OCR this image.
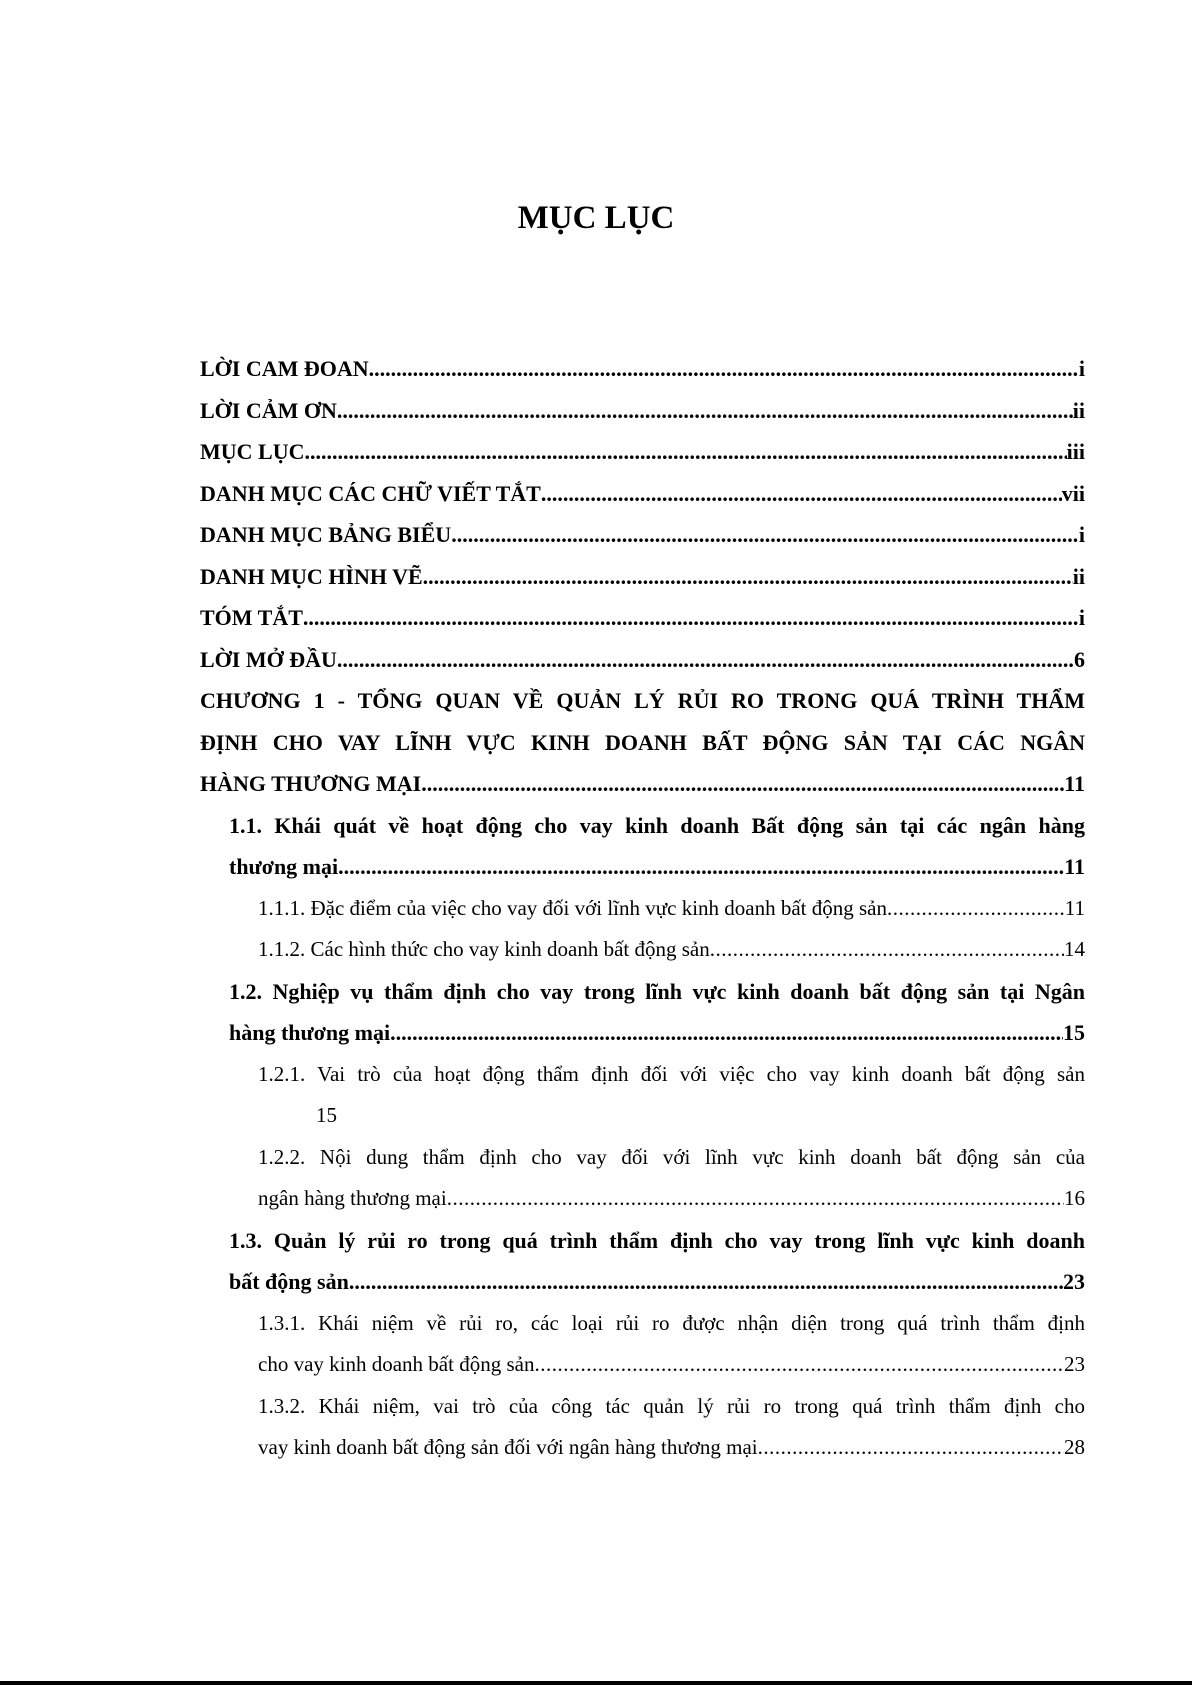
MỤC LỤC
LỜI CAM ĐOAN .....	i
LỜI CẢM ƠN .....	ii
MỤC LỤC .....	iii
DANH MỤC CÁC CHỮ VIẾT TẮT .....	vii
DANH MỤC BẢNG BIỂU .....	i
DANH MỤC HÌNH VẼ .....	ii
TÓM TẮT .....	i
LỜI MỞ ĐẦU .....	6
CHƯƠNG 1 - TỔNG QUAN VỀ QUẢN LÝ RỦI RO TRONG QUÁ TRÌNH THẨM
ĐỊNH CHO VAY LĨNH VỰC KINH DOANH BẤT ĐỘNG SẢN TẠI CÁC NGÂN
HÀNG THƯƠNG MẠI .....	11
1.1. Khái quát về hoạt động cho vay kinh doanh Bất động sản tại các ngân hàng
thương mại .....	11
1.1.1. Đặc điểm của việc cho vay đối với lĩnh vực kinh doanh bất động sản .....	11
1.1.2. Các hình thức cho vay kinh doanh bất động sản .....	14
1.2. Nghiệp vụ thẩm định cho vay trong lĩnh vực kinh doanh bất động sản tại Ngân
hàng thương mại .....	15
1.2.1. Vai trò của hoạt động thẩm định đối với việc cho vay kinh doanh bất động sản
15
1.2.2. Nội dung thẩm định cho vay đối với lĩnh vực kinh doanh bất động sản của
ngân hàng thương mại .....	16
1.3. Quản lý rủi ro trong quá trình thẩm định cho vay trong lĩnh vực kinh doanh
bất động sản .....	23
1.3.1. Khái niệm về rủi ro, các loại rủi ro được nhận diện trong quá trình thẩm định
cho vay kinh doanh bất động sản .....	23
1.3.2. Khái niệm, vai trò của công tác quản lý rủi ro trong quá trình thẩm định cho
vay kinh doanh bất động sản đối với ngân hàng thương mại .....	28
